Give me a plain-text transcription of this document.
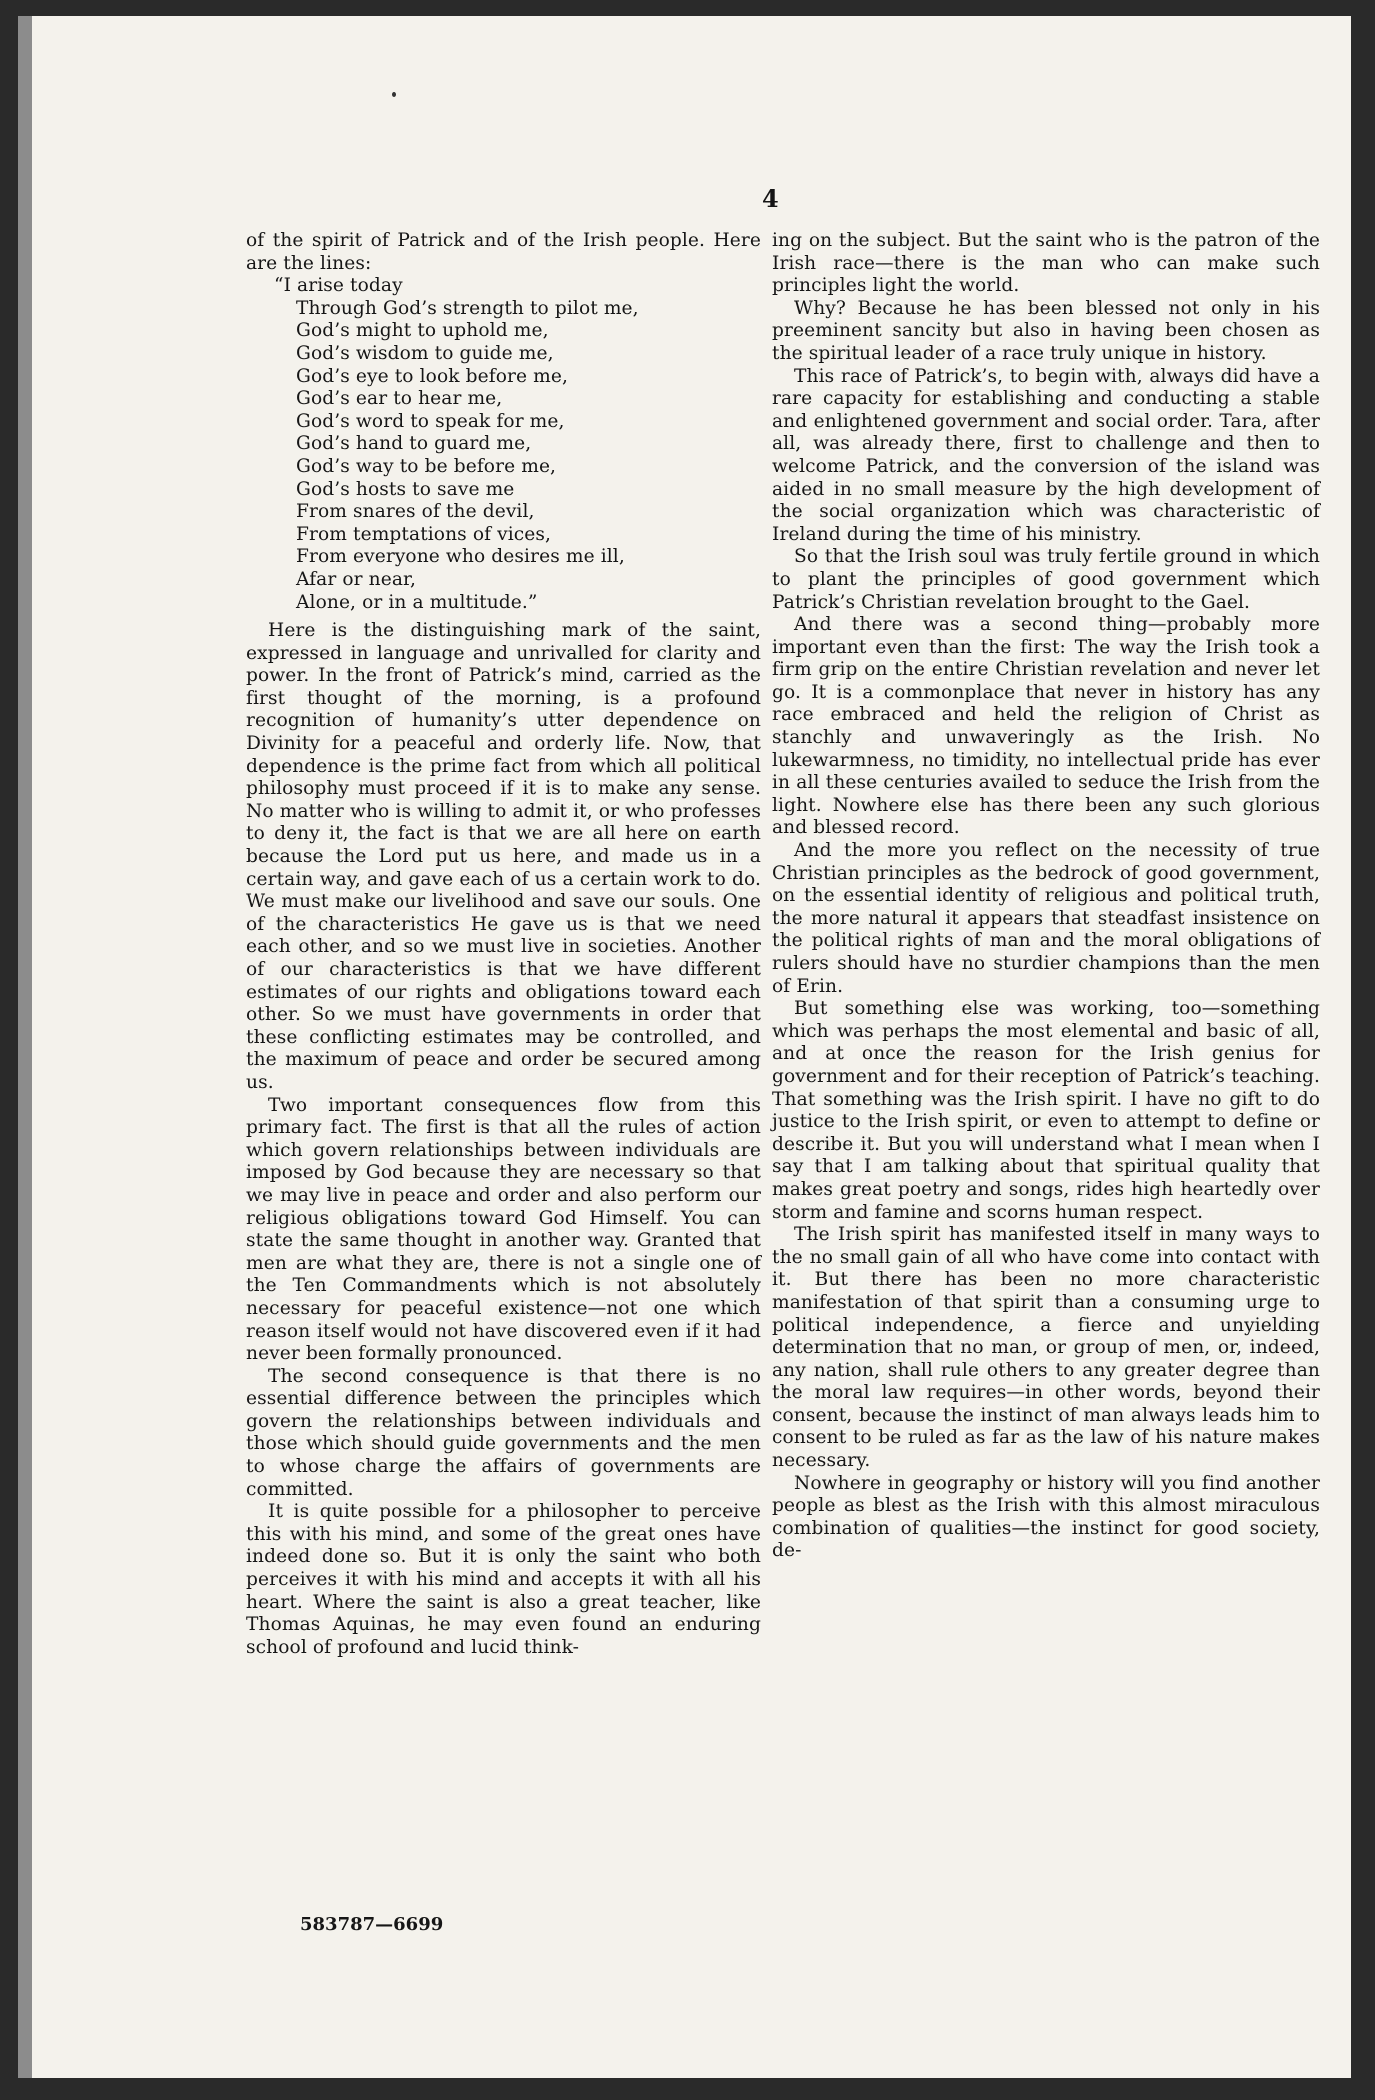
4

of the spirit of Patrick and of the Irish people. Here are the lines:

“I arise today
Through God’s strength to pilot me,
God’s might to uphold me,
God’s wisdom to guide me,
God’s eye to look before me,
God’s ear to hear me,
God’s word to speak for me,
God’s hand to guard me,
God’s way to be before me,
God’s hosts to save me
From snares of the devil,
From temptations of vices,
From everyone who desires me ill,
Afar or near,
Alone, or in a multitude.”

Here is the distinguishing mark of the saint, expressed in language and unrivalled for clarity and power. In the front of Patrick’s mind, carried as the first thought of the morning, is a profound recognition of humanity’s utter dependence on Divinity for a peaceful and orderly life. Now, that dependence is the prime fact from which all political philosophy must proceed if it is to make any sense. No matter who is willing to admit it, or who professes to deny it, the fact is that we are all here on earth because the Lord put us here, and made us in a certain way, and gave each of us a certain work to do. We must make our livelihood and save our souls. One of the characteristics He gave us is that we need each other, and so we must live in societies. Another of our characteristics is that we have different estimates of our rights and obligations toward each other. So we must have governments in order that these conflicting estimates may be controlled, and the maximum of peace and order be secured among us.

Two important consequences flow from this primary fact. The first is that all the rules of action which govern relationships between individuals are imposed by God because they are necessary so that we may live in peace and order and also perform our religious obligations toward God Himself. You can state the same thought in another way. Granted that men are what they are, there is not a single one of the Ten Commandments which is not absolutely necessary for peaceful existence—not one which reason itself would not have discovered even if it had never been formally pronounced.

The second consequence is that there is no essential difference between the principles which govern the relationships between individuals and those which should guide governments and the men to whose charge the affairs of governments are committed.

It is quite possible for a philosopher to perceive this with his mind, and some of the great ones have indeed done so. But it is only the saint who both perceives it with his mind and accepts it with all his heart. Where the saint is also a great teacher, like Thomas Aquinas, he may even found an enduring school of profound and lucid think-

ing on the subject. But the saint who is the patron of the Irish race—there is the man who can make such principles light the world.

Why? Because he has been blessed not only in his preeminent sancity but also in having been chosen as the spiritual leader of a race truly unique in history.

This race of Patrick’s, to begin with, always did have a rare capacity for establishing and conducting a stable and enlightened government and social order. Tara, after all, was already there, first to challenge and then to welcome Patrick, and the conversion of the island was aided in no small measure by the high development of the social organization which was characteristic of Ireland during the time of his ministry.

So that the Irish soul was truly fertile ground in which to plant the principles of good government which Patrick’s Christian revelation brought to the Gael.

And there was a second thing—probably more important even than the first: The way the Irish took a firm grip on the entire Christian revelation and never let go. It is a commonplace that never in history has any race embraced and held the religion of Christ as stanchly and unwaveringly as the Irish. No lukewarmness, no timidity, no intellectual pride has ever in all these centuries availed to seduce the Irish from the light. Nowhere else has there been any such glorious and blessed record.

And the more you reflect on the necessity of true Christian principles as the bedrock of good government, on the essential identity of religious and political truth, the more natural it appears that steadfast insistence on the political rights of man and the moral obligations of rulers should have no sturdier champions than the men of Erin.

But something else was working, too—something which was perhaps the most elemental and basic of all, and at once the reason for the Irish genius for government and for their reception of Patrick’s teaching. That something was the Irish spirit. I have no gift to do justice to the Irish spirit, or even to attempt to define or describe it. But you will understand what I mean when I say that I am talking about that spiritual quality that makes great poetry and songs, rides high heartedly over storm and famine and scorns human respect.

The Irish spirit has manifested itself in many ways to the no small gain of all who have come into contact with it. But there has been no more characteristic manifestation of that spirit than a consuming urge to political independence, a fierce and unyielding determination that no man, or group of men, or, indeed, any nation, shall rule others to any greater degree than the moral law requires—in other words, beyond their consent, because the instinct of man always leads him to consent to be ruled as far as the law of his nature makes necessary.

Nowhere in geography or history will you find another people as blest as the Irish with this almost miraculous combination of qualities—the instinct for good society, de-

583787—6699
